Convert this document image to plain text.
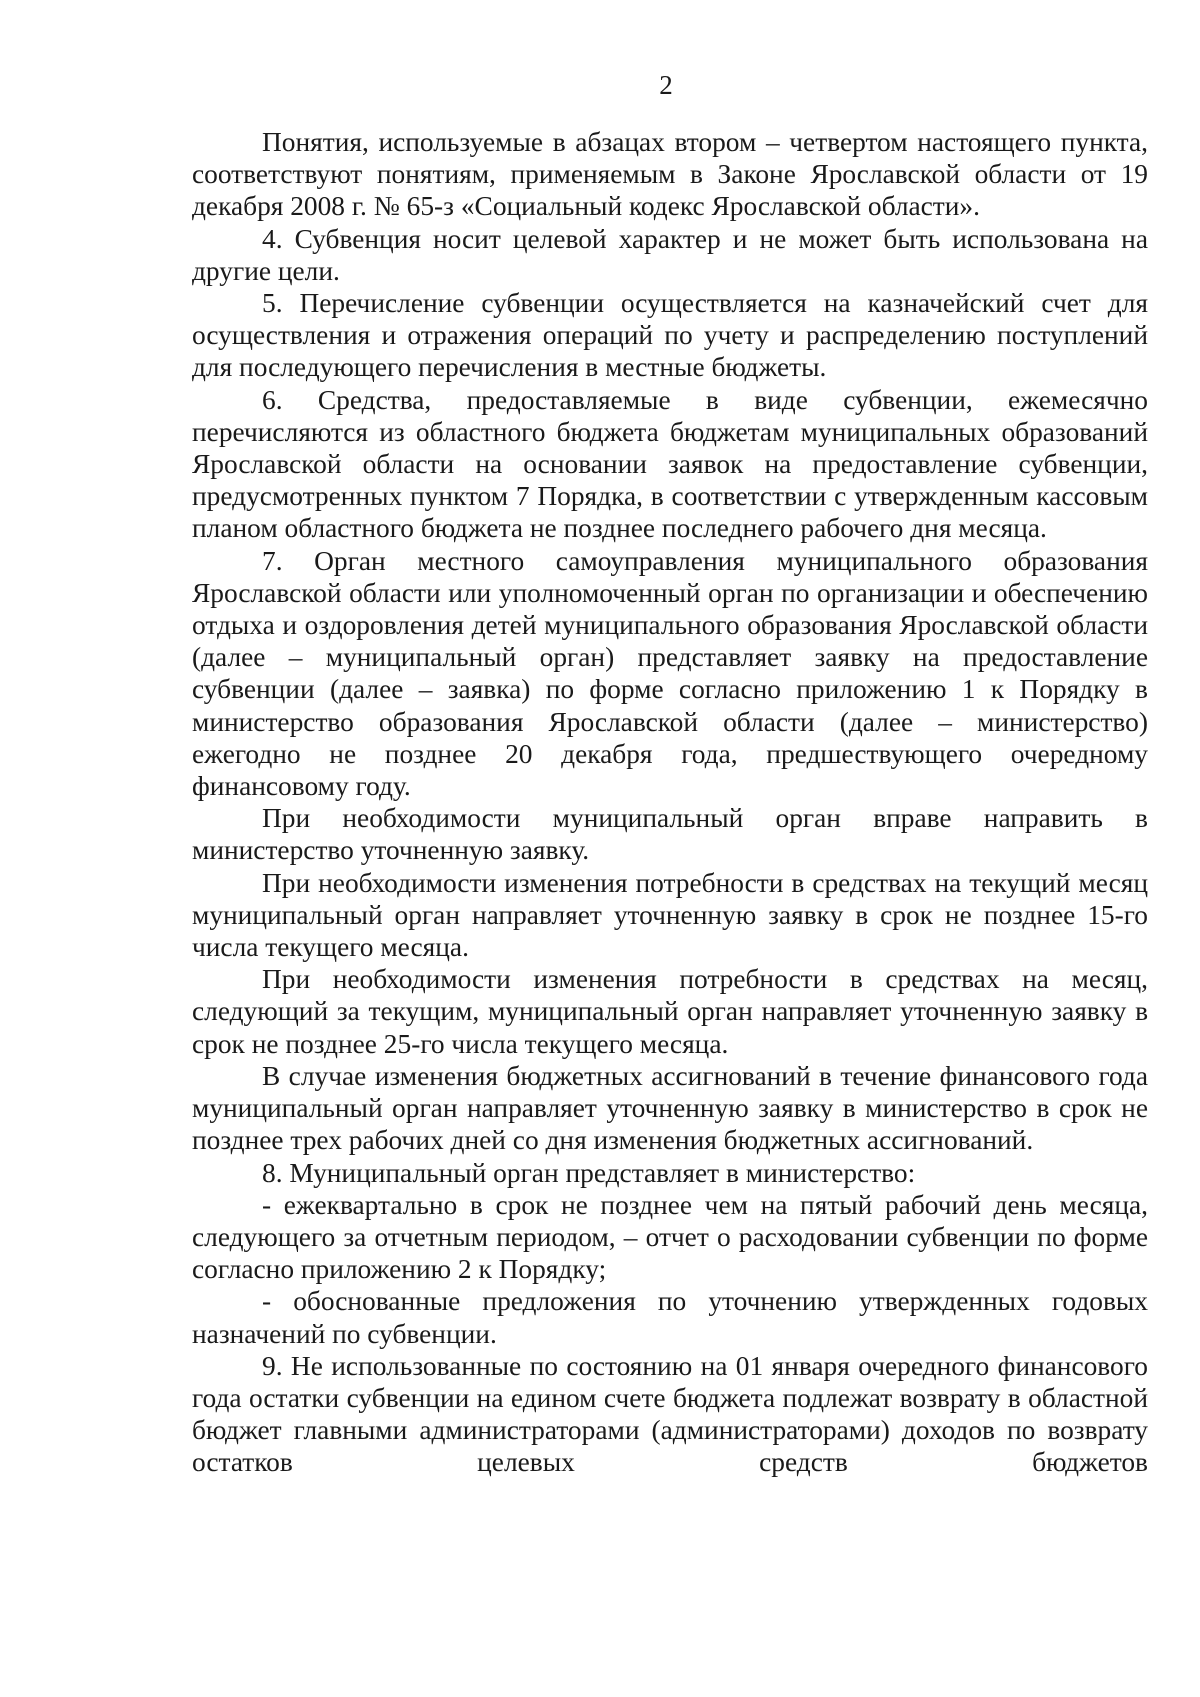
2

Понятия, используемые в абзацах втором – четвертом настоящего пункта, соответствуют понятиям, применяемым в Законе Ярославской области от 19 декабря 2008 г. № 65-з «Социальный кодекс Ярославской области».

4. Субвенция носит целевой характер и не может быть использована на другие цели.

5. Перечисление субвенции осуществляется на казначейский счет для осуществления и отражения операций по учету и распределению поступлений для последующего перечисления в местные бюджеты.

6. Средства, предоставляемые в виде субвенции, ежемесячно перечисляются из областного бюджета бюджетам муниципальных образований Ярославской области на основании заявок на предоставление субвенции, предусмотренных пунктом 7 Порядка, в соответствии с утвержденным кассовым планом областного бюджета не позднее последнего рабочего дня месяца.

7. Орган местного самоуправления муниципального образования Ярославской области или уполномоченный орган по организации и обеспечению отдыха и оздоровления детей муниципального образования Ярославской области (далее – муниципальный орган) представляет заявку на предоставление субвенции (далее – заявка) по форме согласно приложению 1 к Порядку в министерство образования Ярославской области (далее – министерство) ежегодно не позднее 20 декабря года, предшествующего очередному финансовому году.

При необходимости муниципальный орган вправе направить в министерство уточненную заявку.

При необходимости изменения потребности в средствах на текущий месяц муниципальный орган направляет уточненную заявку в срок не позднее 15-го числа текущего месяца.

При необходимости изменения потребности в средствах на месяц, следующий за текущим, муниципальный орган направляет уточненную заявку в срок не позднее 25-го числа текущего месяца.

В случае изменения бюджетных ассигнований в течение финансового года муниципальный орган направляет уточненную заявку в министерство в срок не позднее трех рабочих дней со дня изменения бюджетных ассигнований.

8. Муниципальный орган представляет в министерство:

- ежеквартально в срок не позднее чем на пятый рабочий день месяца, следующего за отчетным периодом, – отчет о расходовании субвенции по форме согласно приложению 2 к Порядку;

- обоснованные предложения по уточнению утвержденных годовых назначений по субвенции.

9. Не использованные по состоянию на 01 января очередного финансового года остатки субвенции на едином счете бюджета подлежат возврату в областной бюджет главными администраторами (администраторами) доходов по возврату остатков целевых средств бюджетов
